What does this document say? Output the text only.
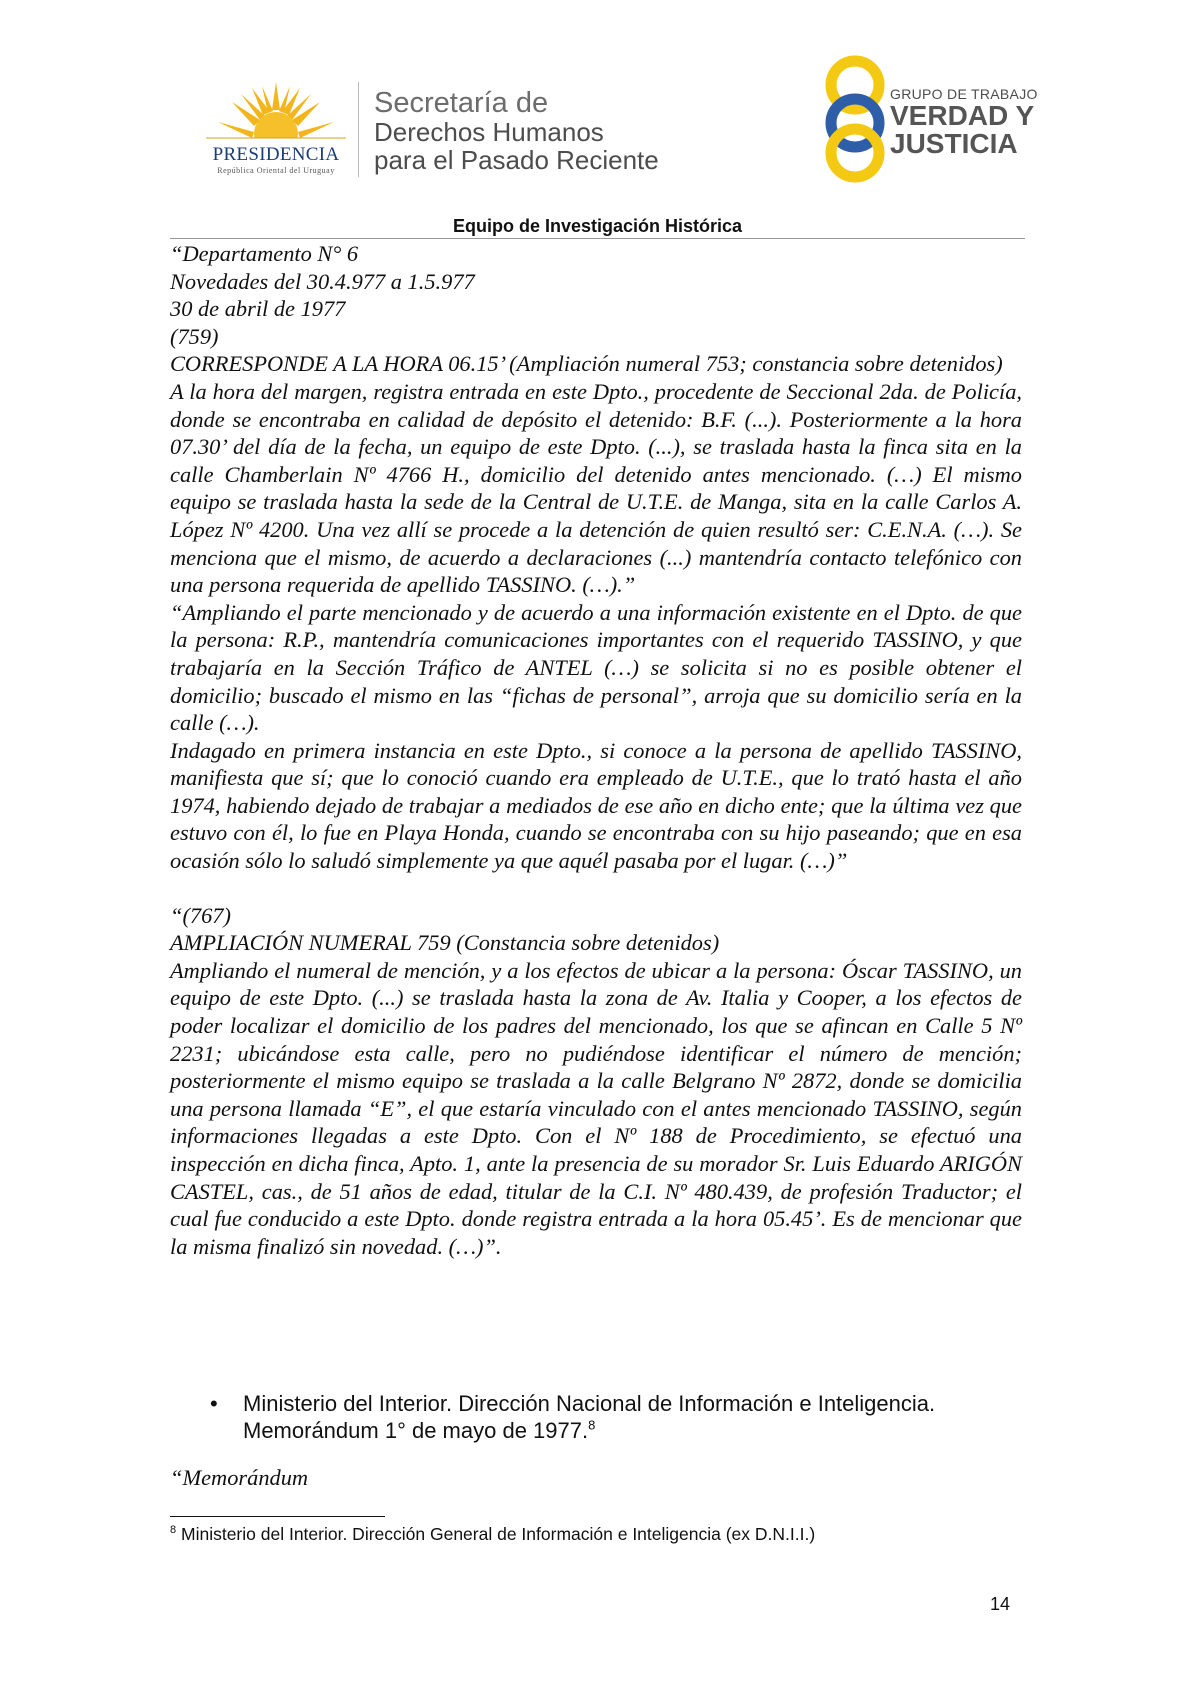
PRESIDENCIA
República Oriental del Uruguay
Secretaría de
Derechos Humanos
para el Pasado Reciente
GRUPO DE TRABAJO
VERDAD Y
JUSTICIA
Equipo de Investigación Histórica

“Departamento N° 6

Novedades del 30.4.977 a 1.5.977

30 de abril de 1977

(759)

CORRESPONDE A LA HORA 06.15’ (Ampliación numeral 753; constancia sobre detenidos)

A la hora del margen, registra entrada en este Dpto., procedente de Seccional 2da. de Policía, donde se encontraba en calidad de depósito el detenido: B.F. (...). Posteriormente a la hora 07.30’ del día de la fecha, un equipo de este Dpto. (...), se traslada hasta la finca sita en la calle Chamberlain Nº 4766 H., domicilio del detenido antes mencionado. (…) El mismo equipo se traslada hasta la sede de la Central de U.T.E. de Manga, sita en la calle Carlos A. López Nº 4200. Una vez allí se procede a la detención de quien resultó ser: C.E.N.A. (…). Se menciona que el mismo, de acuerdo a declaraciones (...) mantendría contacto telefónico con una persona requerida de apellido TASSINO. (…).”

“Ampliando el parte mencionado y de acuerdo a una información existente en el Dpto. de que la persona: R.P., mantendría comunicaciones importantes con el requerido TASSINO, y que trabajaría en la Sección Tráfico de ANTEL (…) se solicita si no es posible obtener el domicilio; buscado el mismo en las “fichas de personal”, arroja que su domicilio sería en la calle (…).

Indagado en primera instancia en este Dpto., si conoce a la persona de apellido TASSINO, manifiesta que sí; que lo conoció cuando era empleado de U.T.E., que lo trató hasta el año 1974, habiendo dejado de trabajar a mediados de ese año en dicho ente; que la última vez que estuvo con él, lo fue en Playa Honda, cuando se encontraba con su hijo paseando; que en esa ocasión sólo lo saludó simplemente ya que aquél pasaba por el lugar. (…)”

“(767)

AMPLIACIÓN NUMERAL 759 (Constancia sobre detenidos)

Ampliando el numeral de mención, y a los efectos de ubicar a la persona: Óscar TASSINO, un equipo de este Dpto. (...) se traslada hasta la zona de Av. Italia y Cooper, a los efectos de poder localizar el domicilio de los padres del mencionado, los que se afincan en Calle 5 Nº 2231; ubicándose esta calle, pero no pudiéndose identificar el número de mención; posteriormente el mismo equipo se traslada a la calle Belgrano Nº 2872, donde se domicilia una persona llamada “E”, el que estaría vinculado con el antes mencionado TASSINO, según informaciones llegadas a este Dpto. Con el Nº 188 de Procedimiento, se efectuó una inspección en dicha finca, Apto. 1, ante la presencia de su morador Sr. Luis Eduardo ARIGÓN CASTEL, cas., de 51 años de edad, titular de la C.I. Nº 480.439, de profesión Traductor; el cual fue conducido a este Dpto. donde registra entrada a la hora 05.45’. Es de mencionar que la misma finalizó sin novedad. (…)”.

• Ministerio del Interior. Dirección Nacional de Información e Inteligencia. Memorándum 1° de mayo de 1977.$^8$

“Memorándum

$^8$ Ministerio del Interior. Dirección General de Información e Inteligencia (ex D.N.I.I.)
14
